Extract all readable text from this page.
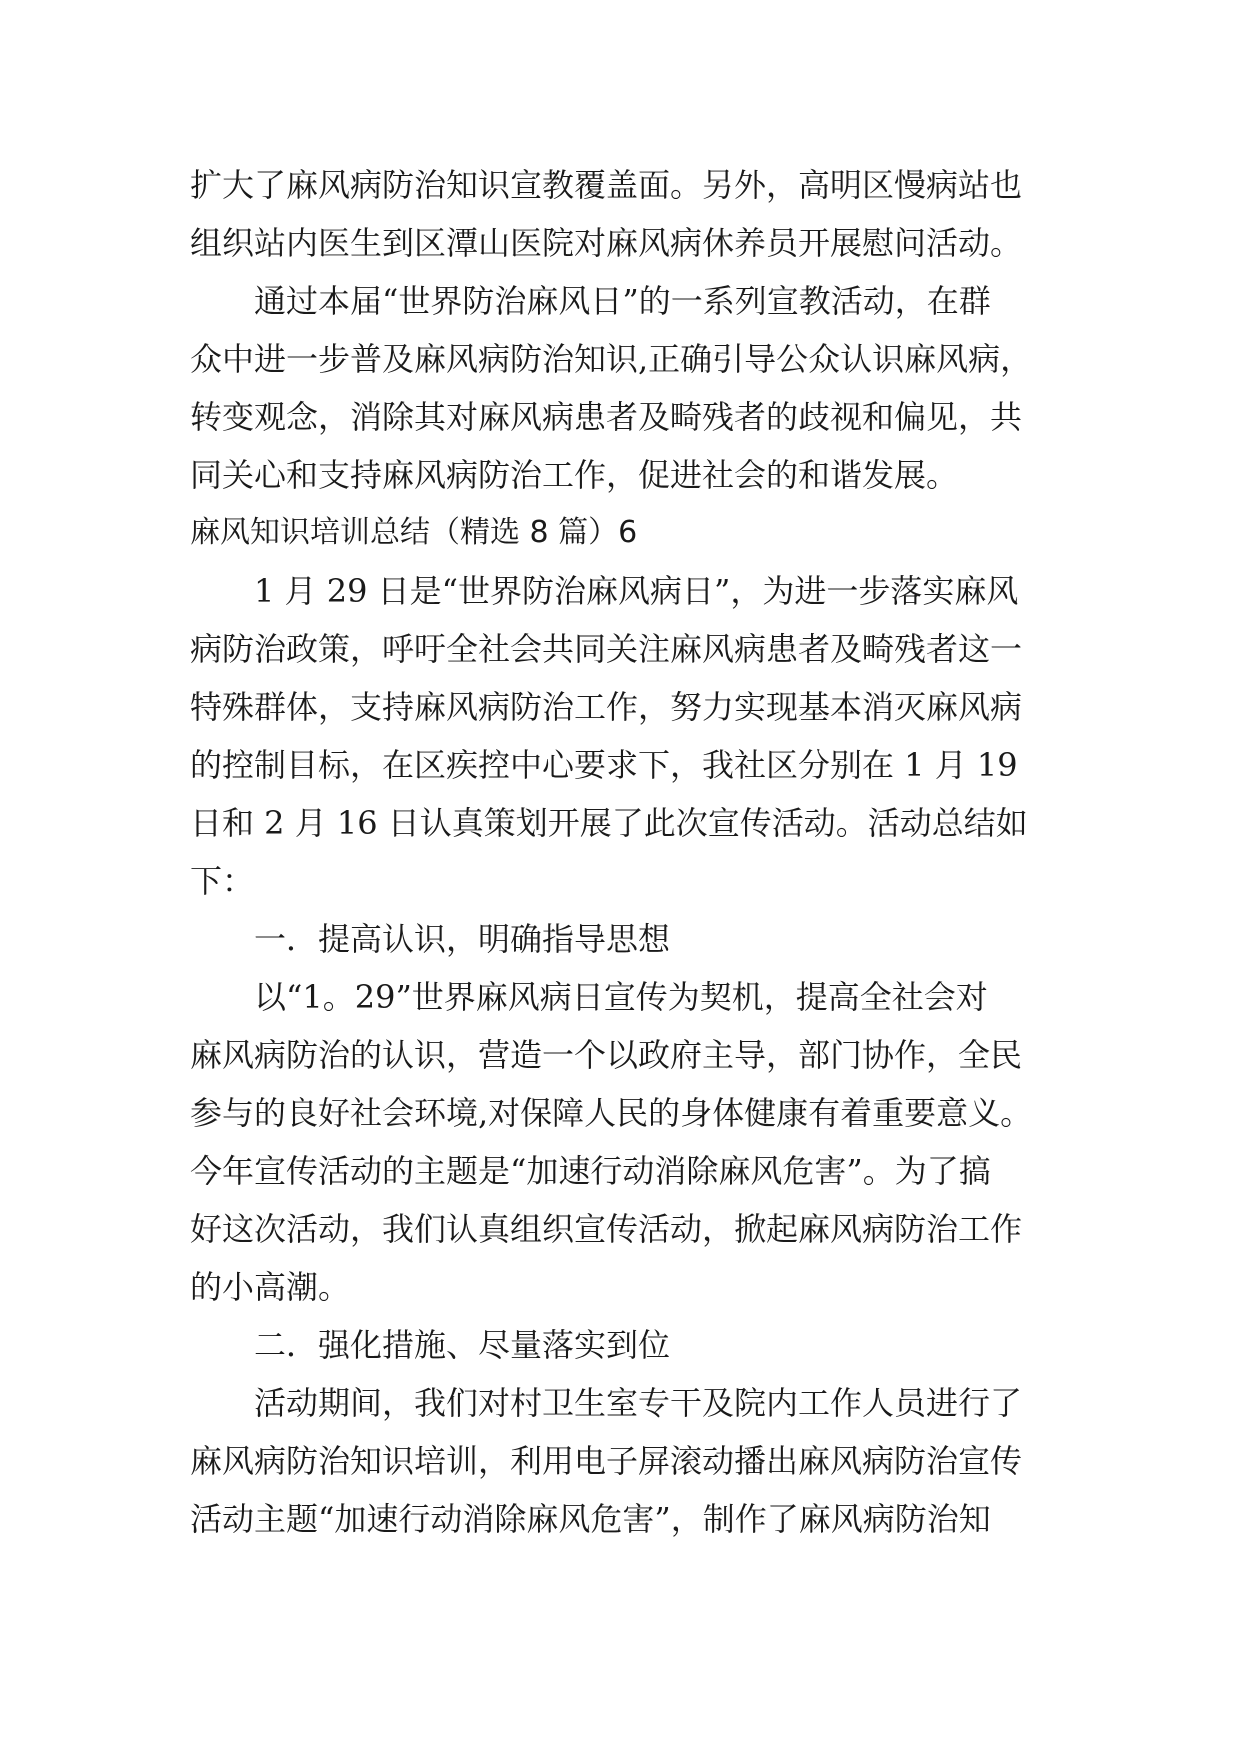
扩大了麻风病防治知识宣教覆盖面。另外，高明区慢病站也
组织站内医生到区潭山医院对麻风病休养员开展慰问活动。
通过本届“世界防治麻风日”的一系列宣教活动，在群
众中进一步普及麻风病防治知识,正确引导公众认识麻风病，
转变观念，消除其对麻风病患者及畸残者的歧视和偏见，共
同关心和支持麻风病防治工作，促进社会的和谐发展。
麻风知识培训总结（精选 8 篇）6
1 月 29 日是“世界防治麻风病日”，为进一步落实麻风
病防治政策，呼吁全社会共同关注麻风病患者及畸残者这一
特殊群体，支持麻风病防治工作，努力实现基本消灭麻风病
的控制目标，在区疾控中心要求下，我社区分别在 1 月 19
日和 2 月 16 日认真策划开展了此次宣传活动。活动总结如
下：
一．提高认识，明确指导思想
以“1。29”世界麻风病日宣传为契机，提高全社会对
麻风病防治的认识，营造一个以政府主导，部门协作，全民
参与的良好社会环境,对保障人民的身体健康有着重要意义。
今年宣传活动的主题是“加速行动消除麻风危害”。为了搞
好这次活动，我们认真组织宣传活动，掀起麻风病防治工作
的小高潮。
二．强化措施、尽量落实到位
活动期间，我们对村卫生室专干及院内工作人员进行了
麻风病防治知识培训，利用电子屏滚动播出麻风病防治宣传
活动主题“加速行动消除麻风危害”，制作了麻风病防治知
